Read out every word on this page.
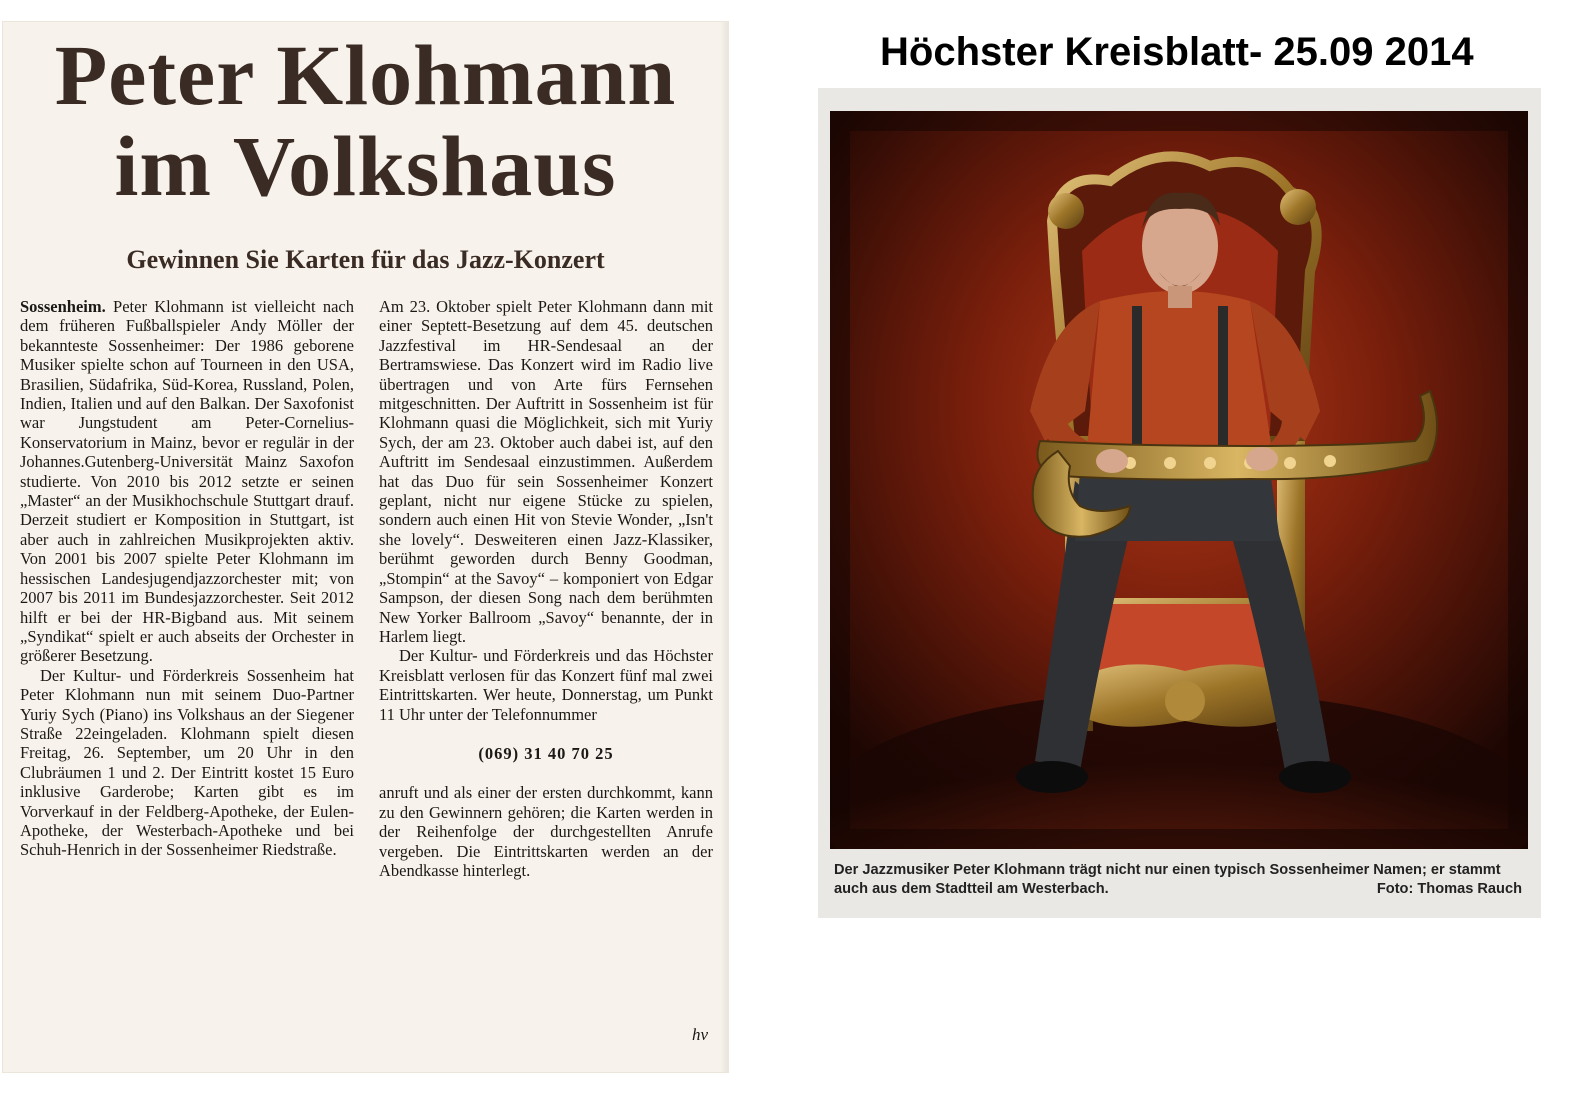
Peter Klohmann
im Volkshaus
Gewinnen Sie Karten für das Jazz-Konzert

Sossenheim. Peter Klohmann ist vielleicht nach dem früheren Fußballspieler Andy Möller der bekannteste Sossenheimer: Der 1986 geborene Musiker spielte schon auf Tourneen in den USA, Brasilien, Südafrika, Süd-Korea, Russland, Polen, Indien, Italien und auf den Balkan. Der Saxofonist war Jungstudent am Peter-Cornelius-Konservatorium in Mainz, bevor er regulär in der Johannes.Gutenberg-Universität Mainz Saxofon studierte. Von 2010 bis 2012 setzte er seinen „Master“ an der Musikhochschule Stuttgart drauf. Derzeit studiert er Komposition in Stuttgart, ist aber auch in zahlreichen Musikprojekten aktiv. Von 2001 bis 2007 spielte Peter Klohmann im hessischen Landesjugendjazzorchester mit; von 2007 bis 2011 im Bundesjazzorchester. Seit 2012 hilft er bei der HR-Bigband aus. Mit seinem „Syndikat“ spielt er auch abseits der Orchester in größerer Besetzung.

Der Kultur- und Förderkreis Sossenheim hat Peter Klohmann nun mit seinem Duo-Partner Yuriy Sych (Piano) ins Volkshaus an der Siegener Straße 22eingeladen. Klohmann spielt diesen Freitag, 26. September, um 20 Uhr in den Clubräumen 1 und 2. Der Eintritt kostet 15 Euro inklusive Garderobe; Karten gibt es im Vorverkauf in der Feldberg-Apotheke, der Eulen-Apotheke, der Westerbach-Apotheke und bei Schuh-Henrich in der Sossenheimer Riedstraße.

Am 23. Oktober spielt Peter Klohmann dann mit einer Septett-Besetzung auf dem 45. deutschen Jazzfestival im HR-Sendesaal an der Bertramswiese. Das Konzert wird im Radio live übertragen und von Arte fürs Fernsehen mitgeschnitten. Der Auftritt in Sossenheim ist für Klohmann quasi die Möglichkeit, sich mit Yuriy Sych, der am 23. Oktober auch dabei ist, auf den Auftritt im Sendesaal einzustimmen. Außerdem hat das Duo für sein Sossenheimer Konzert geplant, nicht nur eigene Stücke zu spielen, sondern auch einen Hit von Stevie Wonder, „Isn't she lovely“. Desweiteren einen Jazz-Klassiker, berühmt geworden durch Benny Goodman, „Stompin“ at the Savoy“ – komponiert von Edgar Sampson, der diesen Song nach dem berühmten New Yorker Ballroom „Savoy“ benannte, der in Harlem liegt.

Der Kultur- und Förderkreis und das Höchster Kreisblatt verlosen für das Konzert fünf mal zwei Eintrittskarten. Wer heute, Donnerstag, um Punkt 11 Uhr unter der Telefonnummer

(069) 31 40 70 25

anruft und als einer der ersten durchkommt, kann zu den Gewinnern gehören; die Karten werden in der Reihenfolge der durchgestellten Anrufe vergeben. Die Eintrittskarten werden an der Abendkasse hinterlegt.

hv

Höchster Kreisblatt- 25.09 2014

Der Jazzmusiker Peter Klohmann trägt nicht nur einen typisch Sossenheimer Namen; er stammt auch aus dem Stadtteil am Westerbach.	Foto: Thomas Rauch
